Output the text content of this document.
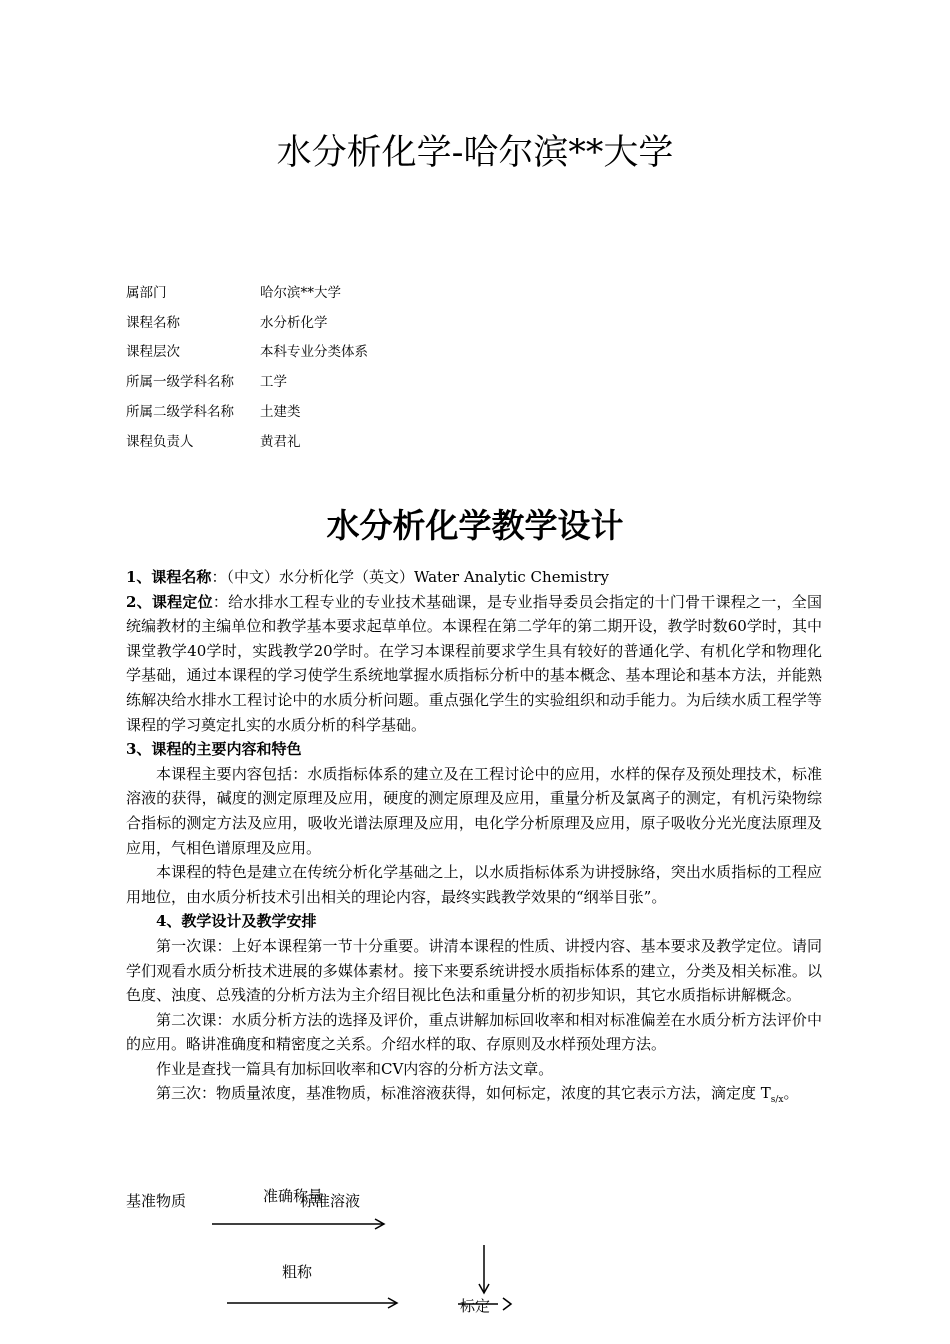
水分析化学-哈尔滨**大学
属部门	哈尔滨**大学
课程名称	水分析化学
课程层次	本科专业分类体系
所属一级学科名称	工学
所属二级学科名称	土建类
课程负责人	黄君礼
水分析化学教学设计

1、课程名称：（中文）水分析化学（英文）Water Analytic Chemistry

2、课程定位：给水排水工程专业的专业技术基础课，是专业指导委员会指定的十门骨干课程之一，全国统编教材的主编单位和教学基本要求起草单位。本课程在第二学年的第二期开设，教学时数60学时，其中课堂教学40学时，实践教学20学时。在学习本课程前要求学生具有较好的普通化学、有机化学和物理化学基础，通过本课程的学习使学生系统地掌握水质指标分析中的基本概念、基本理论和基本方法，并能熟练解决给水排水工程讨论中的水质分析问题。重点强化学生的实验组织和动手能力。为后续水质工程学等课程的学习奠定扎实的水质分析的科学基础。

3、课程的主要内容和特色

本课程主要内容包括：水质指标体系的建立及在工程讨论中的应用，水样的保存及预处理技术，标准溶液的获得，碱度的测定原理及应用，硬度的测定原理及应用，重量分析及氯离子的测定，有机污染物综合指标的测定方法及应用，吸收光谱法原理及应用，电化学分析原理及应用，原子吸收分光光度法原理及应用，气相色谱原理及应用。

本课程的特色是建立在传统分析化学基础之上，以水质指标体系为讲授脉络，突出水质指标的工程应用地位，由水质分析技术引出相关的理论内容，最终实践教学效果的“纲举目张”。

4、教学设计及教学安排

第一次课：上好本课程第一节十分重要。讲清本课程的性质、讲授内容、基本要求及教学定位。请同学们观看水质分析技术进展的多媒体素材。接下来要系统讲授水质指标体系的建立，分类及相关标准。以色度、浊度、总残渣的分析方法为主介绍目视比色法和重量分析的初步知识，其它水质指标讲解概念。

第二次课：水质分析方法的选择及评价，重点讲解加标回收率和相对标准偏差在水质分析方法评价中的应用。略讲准确度和精密度之关系。介绍水样的取、存原则及水样预处理方法。

作业是查找一篇具有加标回收率和CV内容的分析方法文章。

第三次：物质量浓度，基准物质，标准溶液获得，如何标定，浓度的其它表示方法，滴定度 $T_{s/x}$。

基准物质	准确称量
标准溶液
粗称
标定
